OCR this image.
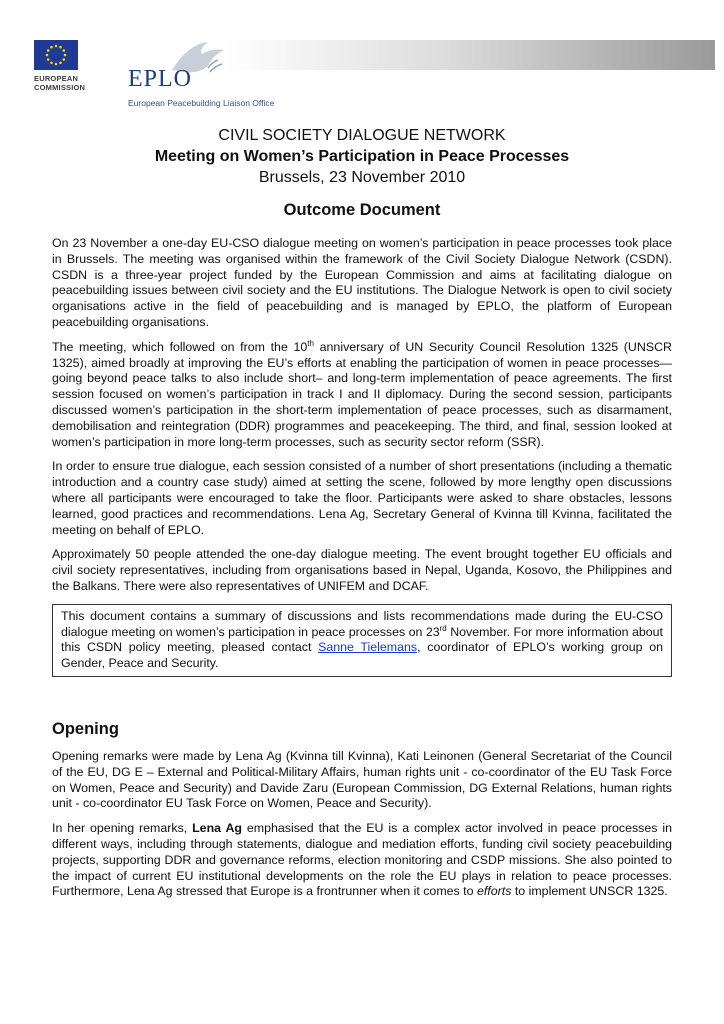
EUROPEAN
COMMISSION EPLO
European Peacebuilding Liaison Office
CIVIL SOCIETY DIALOGUE NETWORK
Meeting on Women’s Participation in Peace Processes
Brussels, 23 November 2010
Outcome Document

On 23 November a one-day EU-CSO dialogue meeting on women’s participation in peace processes took place in Brussels. The meeting was organised within the framework of the Civil Society Dialogue Network (CSDN). CSDN is a three-year project funded by the European Commission and aims at facilitating dialogue on peacebuilding issues between civil society and the EU institutions. The Dialogue Network is open to civil society organisations active in the field of peacebuilding and is managed by EPLO, the platform of European peacebuilding organisations.

The meeting, which followed on from the 10th anniversary of UN Security Council Resolution 1325 (UNSCR 1325), aimed broadly at improving the EU’s efforts at enabling the participation of women in peace processes—going beyond peace talks to also include short– and long-term implementation of peace agreements. The first session focused on women’s participation in track I and II diplomacy. During the second session, participants discussed women’s participation in the short-term implementation of peace processes, such as disarmament, demobilisation and reintegration (DDR) programmes and peacekeeping. The third, and final, session looked at women’s participation in more long-term processes, such as security sector reform (SSR).

In order to ensure true dialogue, each session consisted of a number of short presentations (including a thematic introduction and a country case study) aimed at setting the scene, followed by more lengthy open discussions where all participants were encouraged to take the floor. Participants were asked to share obstacles, lessons learned, good practices and recommendations. Lena Ag, Secretary General of Kvinna till Kvinna, facilitated the meeting on behalf of EPLO.

Approximately 50 people attended the one-day dialogue meeting. The event brought together EU officials and civil society representatives, including from organisations based in Nepal, Uganda, Kosovo, the Philippines and the Balkans. There were also representatives of UNIFEM and DCAF.

This document contains a summary of discussions and lists recommendations made during the EU-CSO dialogue meeting on women’s participation in peace processes on 23rd November. For more information about this CSDN policy meeting, pleased contact Sanne Tielemans, coordinator of EPLO’s working group on Gender, Peace and Security.

Opening

Opening remarks were made by Lena Ag (Kvinna till Kvinna), Kati Leinonen (General Secretariat of the Council of the EU, DG E – External and Political-Military Affairs, human rights unit - co-coordinator of the EU Task Force on Women, Peace and Security) and Davide Zaru (European Commission, DG External Relations, human rights unit - co-coordinator EU Task Force on Women, Peace and Security).

In her opening remarks, Lena Ag emphasised that the EU is a complex actor involved in peace processes in different ways, including through statements, dialogue and mediation efforts, funding civil society peacebuilding projects, supporting DDR and governance reforms, election monitoring and CSDP missions. She also pointed to the impact of current EU institutional developments on the role the EU plays in relation to peace processes. Furthermore, Lena Ag stressed that Europe is a frontrunner when it comes to efforts to implement UNSCR 1325.
